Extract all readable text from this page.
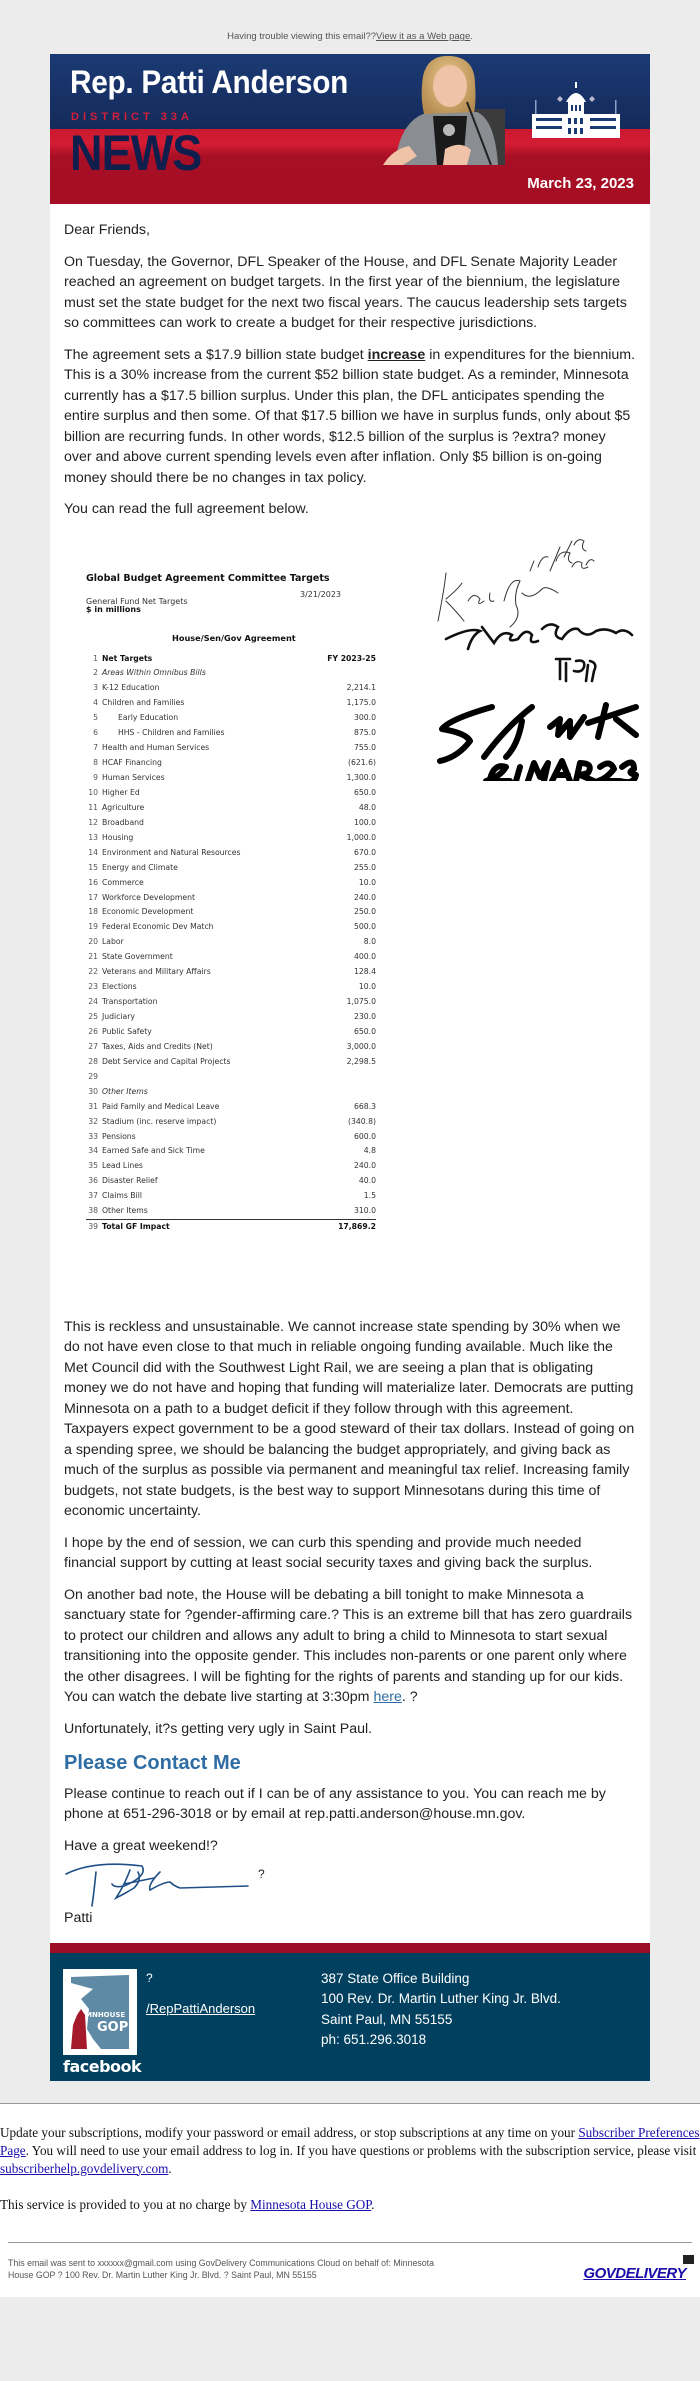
Having trouble viewing this email??View it as a Web page.
Rep. Patti Anderson
DISTRICT 33A
NEWS
March 23, 2023

Dear Friends,

On Tuesday, the Governor, DFL Speaker of the House, and DFL Senate Majority Leader reached an agreement on budget targets. In the first year of the biennium, the legislature must set the state budget for the next two fiscal years. The caucus leadership sets targets so committees can work to create a budget for their respective jurisdictions.

The agreement sets a $17.9 billion state budget increase in expenditures for the biennium. This is a 30% increase from the current $52 billion state budget. As a reminder, Minnesota currently has a $17.5 billion surplus. Under this plan, the DFL anticipates spending the entire surplus and then some. Of that $17.5 billion we have in surplus funds, only about $5 billion are recurring funds. In other words, $12.5 billion of the surplus is ?extra? money over and above current spending levels even after inflation. Only $5 billion is on-going money should there be no changes in tax policy.

You can read the full agreement below.

Global Budget Agreement Committee Targets
General Fund Net Targets
3/21/2023
$ in millions
House/Sen/Gov Agreement
1 Net Targets	FY 2023-25
2 Areas Within Omnibus Bills
3 K-12 Education	2,214.1
4 Children and Families	1,175.0
5	Early Education	300.0
6	HHS - Children and Families	875.0
7 Health and Human Services	755.0
8 HCAF Financing	(621.6)
9 Human Services	1,300.0
10 Higher Ed	650.0
11 Agriculture	48.0
12 Broadband	100.0
13 Housing	1,000.0
14 Environment and Natural Resources	670.0
15 Energy and Climate	255.0
16 Commerce	10.0
17 Workforce Development	240.0
18 Economic Development	250.0
19 Federal Economic Dev Match	500.0
20 Labor	8.0
21 State Government	400.0
22 Veterans and Military Affairs	128.4
23 Elections	10.0
24 Transportation	1,075.0
25 Judiciary	230.0
26 Public Safety	650.0
27 Taxes, Aids and Credits (Net)	3,000.0
28 Debt Service and Capital Projects	2,298.5
29
30 Other Items
31 Paid Family and Medical Leave	668.3
32 Stadium (inc. reserve impact)	(340.8)
33 Pensions	600.0
34 Earned Safe and Sick Time	4.8
35 Lead Lines	240.0
36 Disaster Relief	40.0
37 Claims Bill	1.5
38 Other Items	310.0
39 Total GF Impact	17,869.2

This is reckless and unsustainable. We cannot increase state spending by 30% when we do not have even close to that much in reliable ongoing funding available. Much like the Met Council did with the Southwest Light Rail, we are seeing a plan that is obligating money we do not have and hoping that funding will materialize later. Democrats are putting Minnesota on a path to a budget deficit if they follow through with this agreement. Taxpayers expect government to be a good steward of their tax dollars. Instead of going on a spending spree, we should be balancing the budget appropriately, and giving back as much of the surplus as possible via permanent and meaningful tax relief. Increasing family budgets, not state budgets, is the best way to support Minnesotans during this time of economic uncertainty.

I hope by the end of session, we can curb this spending and provide much needed financial support by cutting at least social security taxes and giving back the surplus.

On another bad note, the House will be debating a bill tonight to make Minnesota a sanctuary state for ?gender-affirming care.? This is an extreme bill that has zero guardrails to protect our children and allows any adult to bring a child to Minnesota to start sexual transitioning into the opposite gender. This includes non-parents or one parent only where the other disagrees. I will be fighting for the rights of parents and standing up for our kids. You can watch the debate live starting at 3:30pm here. ?

Unfortunately, it?s getting very ugly in Saint Paul.

Please Contact Me

Please continue to reach out if I can be of any assistance to you. You can reach me by phone at 651-296-3018 or by email at rep.patti.anderson@house.mn.gov.

Have a great weekend!?

?

Patti

MNHOUSE
GOP
facebook
?
/RepPattiAnderson
387 State Office Building
100 Rev. Dr. Martin Luther King Jr. Blvd.
Saint Paul, MN 55155
ph: 651.296.3018

Update your subscriptions, modify your password or email address, or stop subscriptions at any time on your Subscriber Preferences Page. You will need to use your email address to log in. If you have questions or problems with the subscription service, please visit subscriberhelp.govdelivery.com.

This service is provided to you at no charge by Minnesota House GOP.

This email was sent to xxxxxx@gmail.com using GovDelivery Communications Cloud on behalf of: Minnesota House GOP ? 100 Rev. Dr. Martin Luther King Jr. Blvd. ? Saint Paul, MN 55155	GOVDELIVERY
